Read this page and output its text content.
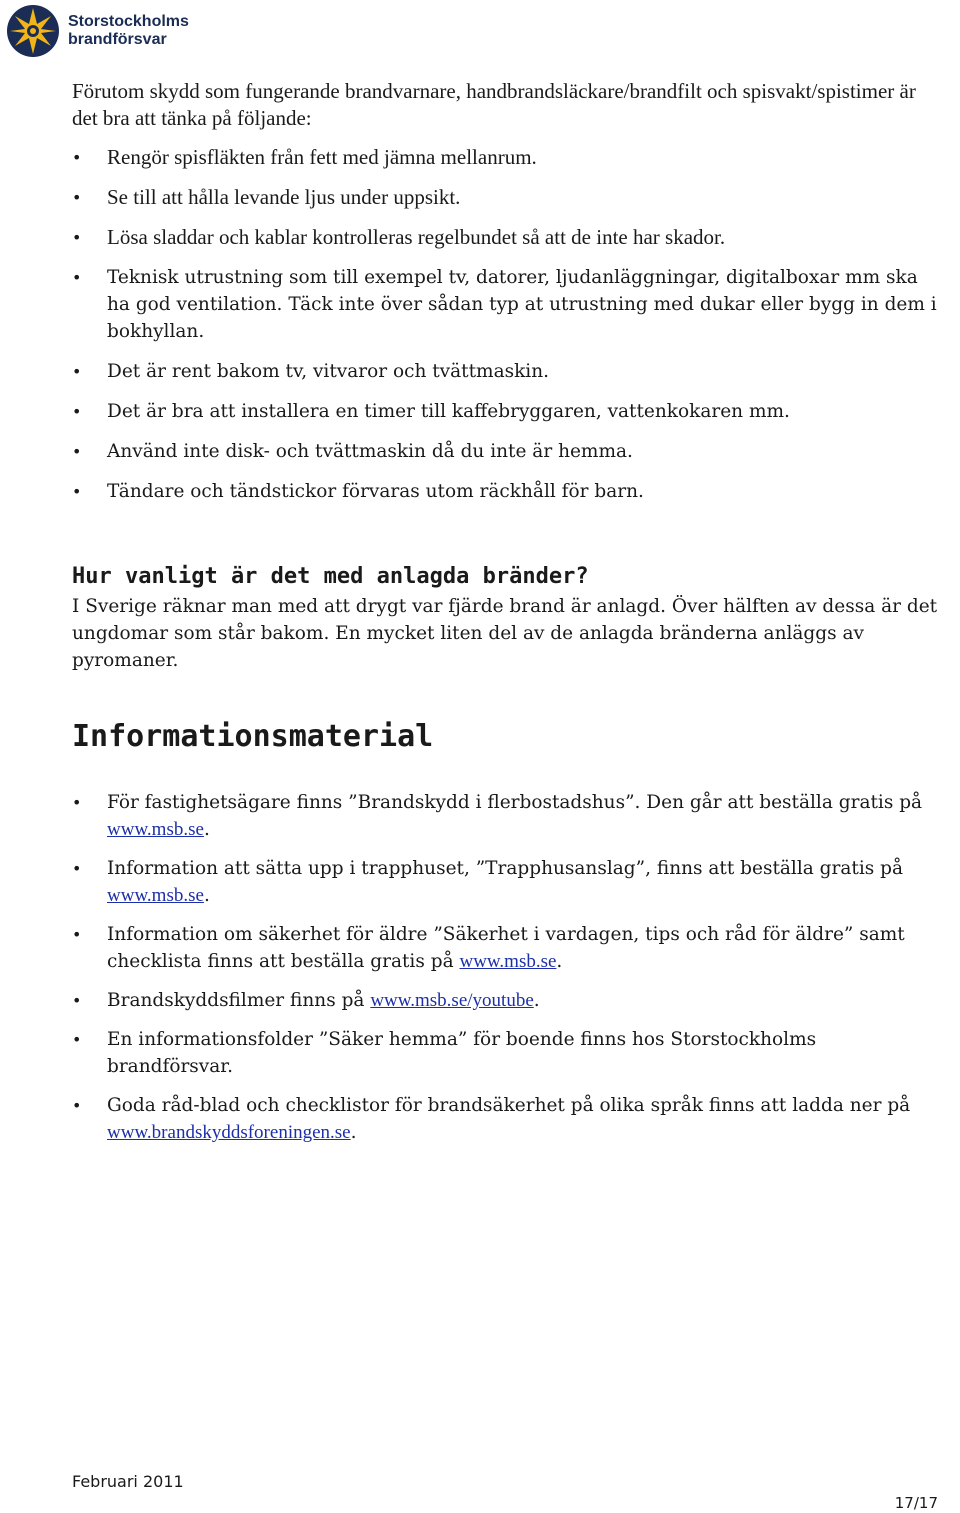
Storstockholms
brandförsvar

Förutom skydd som fungerande brandvarnare, handbrandsläckare/brandfilt och spisvakt/spistimer är det bra att tänka på följande:

• Rengör spisfläkten från fett med jämna mellanrum.
• Se till att hålla levande ljus under uppsikt.
• Lösa sladdar och kablar kontrolleras regelbundet så att de inte har skador.
• Teknisk utrustning som till exempel tv, datorer, ljudanläggningar, digitalboxar mm ska ha god ventilation. Täck inte över sådan typ at utrustning med dukar eller bygg in dem i bokhyllan.
• Det är rent bakom tv, vitvaror och tvättmaskin.
• Det är bra att installera en timer till kaffebryggaren, vattenkokaren mm.
• Använd inte disk- och tvättmaskin då du inte är hemma.
• Tändare och tändstickor förvaras utom räckhåll för barn.
Hur vanligt är det med anlagda bränder?

I Sverige räknar man med att drygt var fjärde brand är anlagd. Över hälften av dessa är det ungdomar som står bakom. En mycket liten del av de anlagda bränderna anläggs av pyromaner.

Informationsmaterial
• För fastighetsägare finns ”Brandskydd i flerbostadshus”. Den går att beställa gratis på www.msb.se.
• Information att sätta upp i trapphuset, ”Trapphusanslag”, finns att beställa gratis på www.msb.se.
• Information om säkerhet för äldre ”Säkerhet i vardagen, tips och råd för äldre” samt checklista finns att beställa gratis på www.msb.se.
• Brandskyddsfilmer finns på www.msb.se/youtube.
• En informationsfolder ”Säker hemma” för boende finns hos Storstockholms brandförsvar.
• Goda råd-blad och checklistor för brandsäkerhet på olika språk finns att ladda ner på www.brandskyddsforeningen.se.
Februari 2011
17/17
